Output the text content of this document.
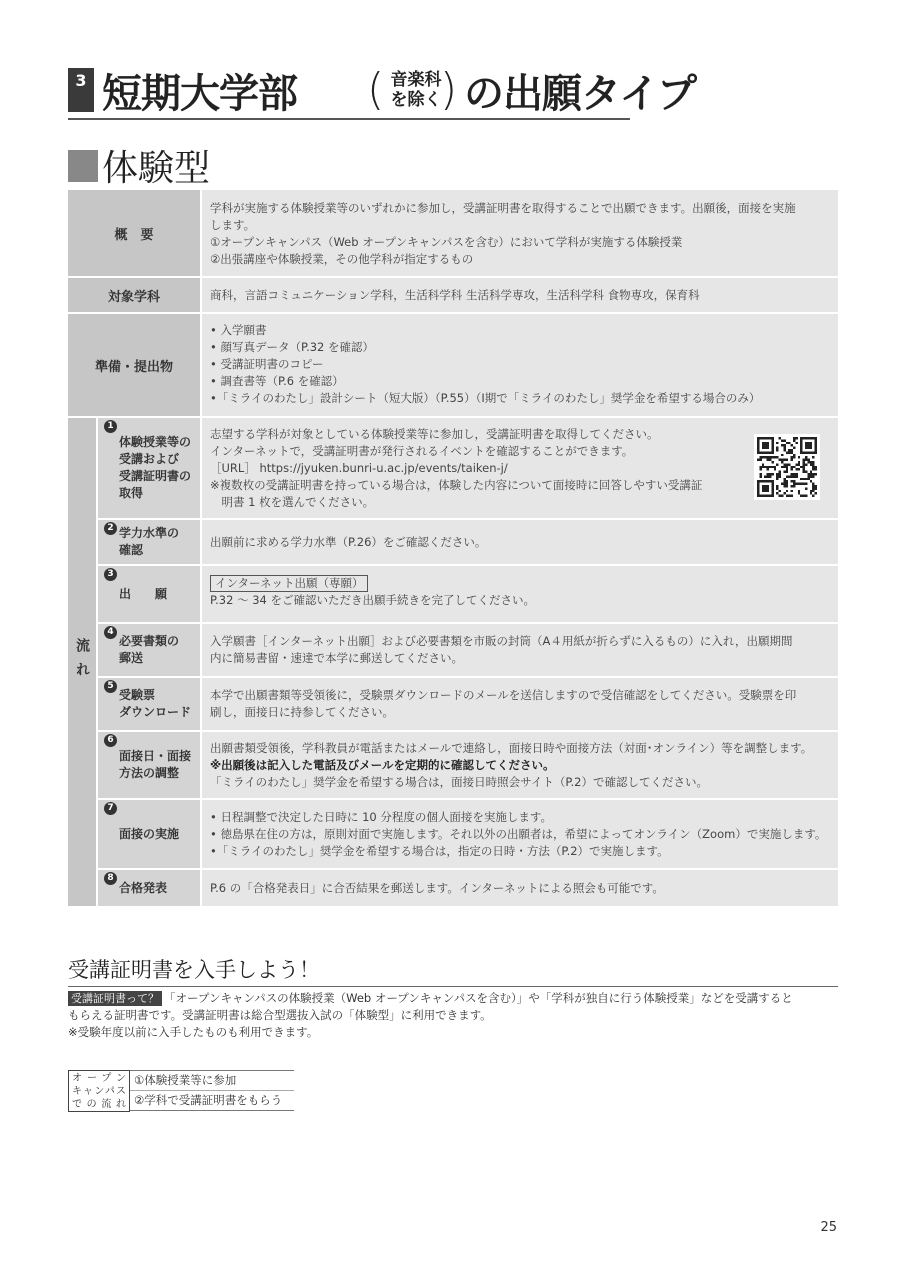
3 短期大学部 ( 音楽科
を除く
) の出願タイプ
体験型
概　要

学科が実施する体験授業等のいずれかに参加し，受講証明書を取得することで出願できます。出願後，面接を実施

します。

①オープンキャンパス（Web オープンキャンパスを含む）において学科が実施する体験授業

②出張講座や体験授業，その他学科が指定するもの

対象学科	商科，言語コミュニケーション学科，生活科学科 生活科学専攻，生活科学科 食物専攻，保育科

準備・提出物

• 入学願書

• 顔写真データ（P.32 を確認）

• 受講証明書のコピー

• 調査書等（P.6 を確認）

•「ミライのわたし」設計シート（短大版）（P.55）（Ⅰ期で「ミライのわたし」奨学金を希望する場合のみ）

流れ
1
体験授業等の
受講および
受講証明書の
取得

志望する学科が対象としている体験授業等に参加し，受講証明書を取得してください。

インターネットで，受講証明書が発行されるイベントを確認することができます。

［URL］ https://jyuken.bunri-u.ac.jp/events/taiken-j/

※複数枚の受講証明書を持っている場合は，体験した内容について面接時に回答しやすい受講証

　明書 1 枚を選んでください。

2 学力水準の
確認

出願前に求める学力水準（P.26）をご確認ください。

3
出　　願

インターネット出願（専願）

P.32 ～ 34 をご確認いただき出願手続きを完了してください。

4
必要書類の
郵送

入学願書［インターネット出願］および必要書類を市販の封筒（A４用紙が折らずに入るもの）に入れ，出願期間

内に簡易書留・速達で本学に郵送してください。

5
受験票
ダウンロード

本学で出願書類等受領後に，受験票ダウンロードのメールを送信しますので受信確認をしてください。受験票を印

刷し，面接日に持参してください。

6
面接日・面接
方法の調整

出願書類受領後，学科教員が電話またはメールで連絡し，面接日時や面接方法（対面･オンライン）等を調整します。

※出願後は記入した電話及びメールを定期的に確認してください。

「ミライのわたし」奨学金を希望する場合は，面接日時照会サイト（P.2）で確認してください。

7
面接の実施

• 日程調整で決定した日時に 10 分程度の個人面接を実施します。

• 徳島県在住の方は，原則対面で実施します。それ以外の出願者は，希望によってオンライン（Zoom）で実施します。

•「ミライのわたし」奨学金を希望する場合は，指定の日時・方法（P.2）で実施します。

8
合格発表	P.6 の「合格発表日」に合否結果を郵送します。インターネットによる照会も可能です。

受講証明書を入手しよう！

受講証明書って？ 「オープンキャンパスの体験授業（Web オープンキャンパスを含む）」や「学科が独自に行う体験授業」などを受講すると

もらえる証明書です。受講証明書は総合型選抜入試の「体験型」に利用できます。

※受験年度以前に入手したものも利用できます。

オープン

キャンパス

での流れ

①体験授業等に参加

②学科で受講証明書をもらう

25
